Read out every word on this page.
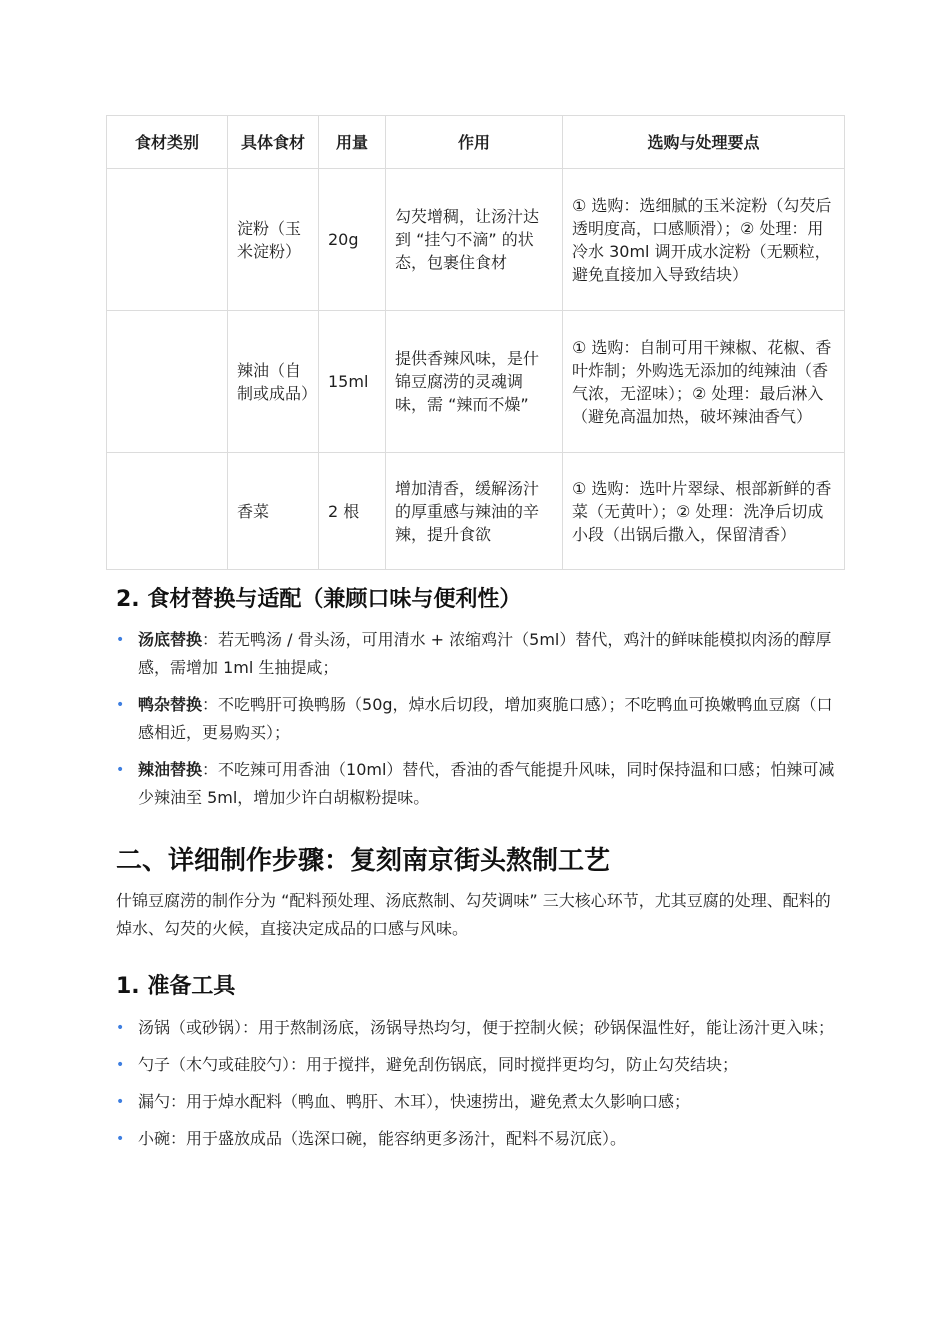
食材类别	具体食材	用量	作用	选购与处理要点
	淀粉（玉米淀粉）	20g	勾芡增稠，让汤汁达到 “挂勺不滴” 的状态，包裹住食材	① 选购：选细腻的玉米淀粉（勾芡后透明度高，口感顺滑）；② 处理：用冷水 30ml 调开成水淀粉（无颗粒，避免直接加入导致结块）
	辣油（自制或成品）	15ml	提供香辣风味，是什锦豆腐涝的灵魂调味，需 “辣而不燥”	① 选购：自制可用干辣椒、花椒、香叶炸制；外购选无添加的纯辣油（香气浓，无涩味）；② 处理：最后淋入（避免高温加热，破坏辣油香气）
	香菜	2 根	增加清香，缓解汤汁的厚重感与辣油的辛辣，提升食欲	① 选购：选叶片翠绿、根部新鲜的香菜（无黄叶）；② 处理：洗净后切成小段（出锅后撒入，保留清香）
2. 食材替换与适配（兼顾口味与便利性）
• 汤底替换：若无鸭汤 / 骨头汤，可用清水 + 浓缩鸡汁（5ml）替代，鸡汁的鲜味能模拟肉汤的醇厚感，需增加 1ml 生抽提咸；
• 鸭杂替换：不吃鸭肝可换鸭肠（50g，焯水后切段，增加爽脆口感）；不吃鸭血可换嫩鸭血豆腐（口感相近，更易购买）；
• 辣油替换：不吃辣可用香油（10ml）替代，香油的香气能提升风味，同时保持温和口感；怕辣可减少辣油至 5ml，增加少许白胡椒粉提味。
二、详细制作步骤：复刻南京街头熬制工艺
什锦豆腐涝的制作分为 “配料预处理、汤底熬制、勾芡调味” 三大核心环节，尤其豆腐的处理、配料的焯水、勾芡的火候，直接决定成品的口感与风味。
1. 准备工具
• 汤锅（或砂锅）：用于熬制汤底，汤锅导热均匀，便于控制火候；砂锅保温性好，能让汤汁更入味；
• 勺子（木勺或硅胶勺）：用于搅拌，避免刮伤锅底，同时搅拌更均匀，防止勾芡结块；
• 漏勺：用于焯水配料（鸭血、鸭肝、木耳），快速捞出，避免煮太久影响口感；
• 小碗：用于盛放成品（选深口碗，能容纳更多汤汁，配料不易沉底）。
